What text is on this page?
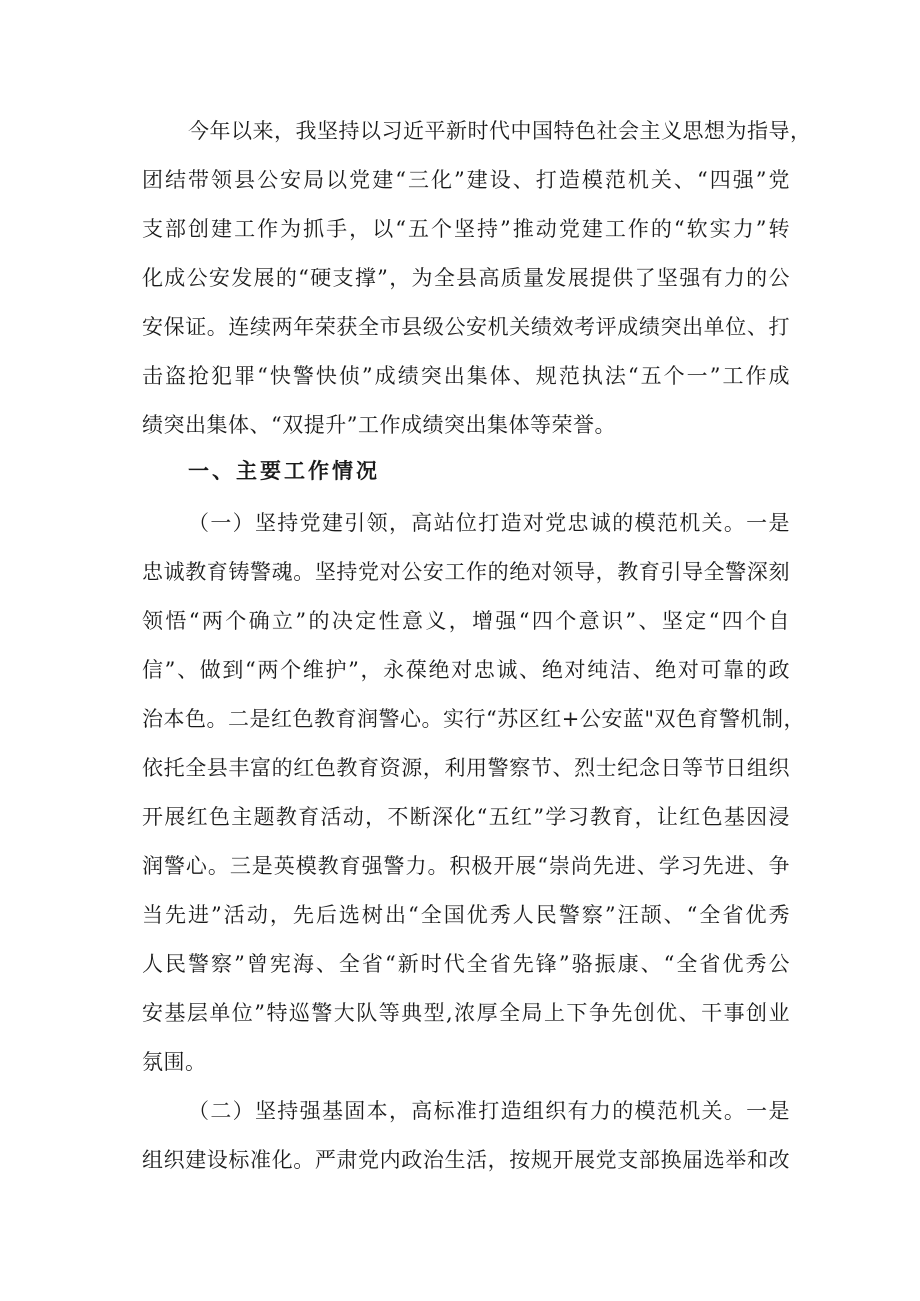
今年以来，我坚持以习近平新时代中国特色社会主义思想为指导，

团结带领县公安局以党建“三化”建设、打造模范机关、“四强”党

支部创建工作为抓手，以“五个坚持”推动党建工作的“软实力”转

化成公安发展的“硬支撑”，为全县高质量发展提供了坚强有力的公

安保证。连续两年荣获全市县级公安机关绩效考评成绩突出单位、打

击盗抢犯罪“快警快侦”成绩突出集体、规范执法“五个一”工作成

绩突出集体、“双提升”工作成绩突出集体等荣誉。

一、主要工作情况

（一）坚持党建引领，高站位打造对党忠诚的模范机关。一是

忠诚教育铸警魂。坚持党对公安工作的绝对领导，教育引导全警深刻

领悟“两个确立”的决定性意义，增强“四个意识”、坚定“四个自

信”、做到“两个维护”，永葆绝对忠诚、绝对纯洁、绝对可靠的政

治本色。二是红色教育润警心。实行“苏区红+公安蓝"双色育警机制，

依托全县丰富的红色教育资源，利用警察节、烈士纪念日等节日组织

开展红色主题教育活动，不断深化“五红”学习教育，让红色基因浸

润警心。三是英模教育强警力。积极开展“崇尚先进、学习先进、争

当先进”活动，先后选树出“全国优秀人民警察”汪颉、“全省优秀

人民警察”曾宪海、全省“新时代全省先锋”骆振康、“全省优秀公

安基层单位”特巡警大队等典型,浓厚全局上下争先创优、干事创业

氛围。

（二）坚持强基固本，高标准打造组织有力的模范机关。一是

组织建设标准化。严肃党内政治生活，按规开展党支部换届选举和改
